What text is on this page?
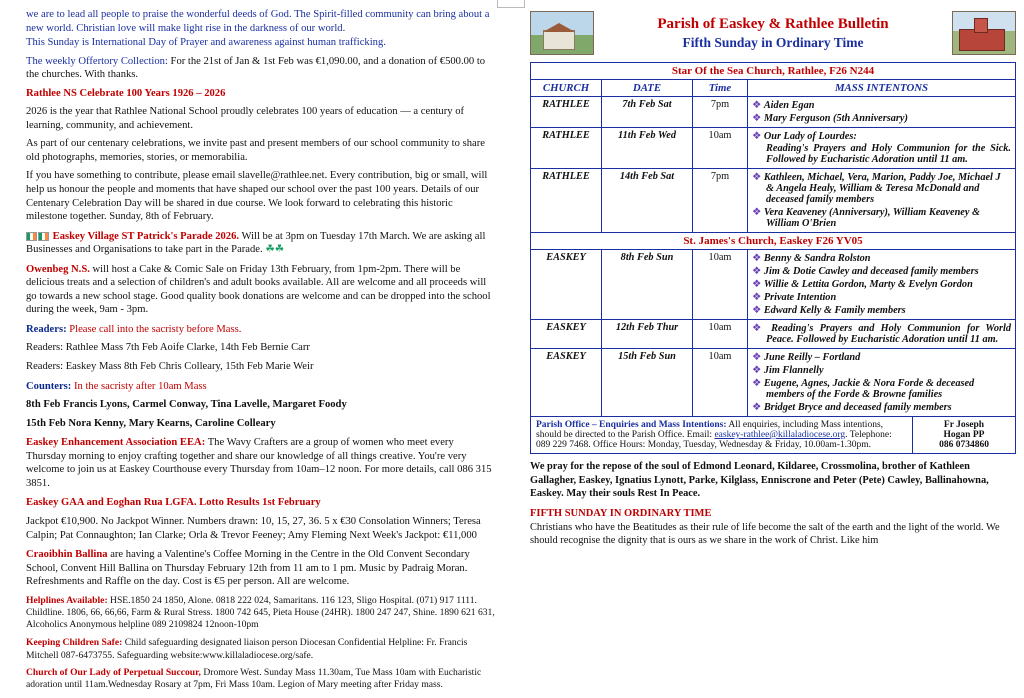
we are to lead all people to praise the wonderful deeds of God. The Spirit-filled community can bring about a new world. Christian love will make light rise in the darkness of our world.

This Sunday is International Day of Prayer and awareness against human trafficking.

The weekly Offertory Collection: For the 21st of Jan & 1st Feb was €1,090.00, and a donation of €500.00 to the churches. With thanks.

Rathlee NS Celebrate 100 Years 1926 – 2026

2026 is the year that Rathlee National School proudly celebrates 100 years of education — a century of learning, community, and achievement.

As part of our centenary celebrations, we invite past and present members of our school community to share old photographs, memories, stories, or memorabilia.

If you have something to contribute, please email slavelle@rathlee.net. Every contribution, big or small, will help us honour the people and moments that have shaped our school over the past 100 years. Details of our Centenary Celebration Day will be shared in due course. We look forward to celebrating this historic milestone together. Sunday, 8th of February.

Easkey Village ST Patrick's Parade 2026. Will be at 3pm on Tuesday 17th March. We are asking all Businesses and Organisations to take part in the Parade. ☘☘

Owenbeg N.S. will host a Cake & Comic Sale on Friday 13th February, from 1pm-2pm. There will be delicious treats and a selection of children's and adult books available. All are welcome and all proceeds will go towards a new school stage. Good quality book donations are welcome and can be dropped into the school during the week, 9am - 3pm.

Readers: Please call into the sacristy before Mass.

Readers: Rathlee Mass 7th Feb Aoife Clarke, 14th Feb Bernie Carr

Readers: Easkey Mass 8th Feb Chris Colleary, 15th Feb Marie Weir

Counters: In the sacristy after 10am Mass

8th Feb Francis Lyons, Carmel Conway, Tina Lavelle, Margaret Foody

15th Feb Nora Kenny, Mary Kearns, Caroline Colleary

Easkey Enhancement Association EEA: The Wavy Crafters are a group of women who meet every Thursday morning to enjoy crafting together and share our knowledge of all things creative. You're very welcome to join us at Easkey Courthouse every Thursday from 10am–12 noon. For more details, call 086 315 3851.

Easkey GAA and Eoghan Rua LGFA. Lotto Results 1st February

Jackpot €10,900. No Jackpot Winner. Numbers drawn: 10, 15, 27, 36. 5 x €30 Consolation Winners; Teresa Calpin; Pat Connaughton; Ian Clarke; Orla & Trevor Feeney; Amy Fleming Next Week's Jackpot: €11,000

Craoibhin Ballina are having a Valentine's Coffee Morning in the Centre in the Old Convent Secondary School, Convent Hill Ballina on Thursday February 12th from 11 am to 1 pm. Music by Padraig Moran. Refreshments and Raffle on the day. Cost is €5 per person. All are welcome.

Helplines Available: HSE.1850 24 1850, Alone. 0818 222 024, Samaritans. 116 123, Sligo Hospital. (071) 917 1111. Childline. 1806, 66, 66,66, Farm & Rural Stress. 1800 742 645, Pieta House (24HR). 1800 247 247, Shine. 1890 621 631, Alcoholics Anonymous helpline 089 2109824 12noon-10pm

Keeping Children Safe: Child safeguarding designated liaison person Diocesan Confidential Helpline: Fr. Francis Mitchell 087-6473755. Safeguarding website:www.killaladiocese.org/safe.

Church of Our Lady of Perpetual Succour, Dromore West. Sunday Mass 11.30am, Tue Mass 10am with Eucharistic adoration until 11am.Wednesday Rosary at 7pm, Fri Mass 10am. Legion of Mary meeting after Friday mass.

Parish of Easkey & Rathlee Bulletin
Fifth Sunday in Ordinary Time
Star Of the Sea Church, Rathlee, F26 N244			
CHURCH	DATE	Time	MASS INTENTONS
RATHLEE	7th Feb Sat	7pm	❖ Aiden Egan
❖ Mary Ferguson (5th Anniversary)

RATHLEE	11th Feb Wed	10am	❖ Our Lady of Lourdes:
Reading's Prayers and Holy Communion for the Sick. Followed by Eucharistic Adoration until 11 am.

RATHLEE	14th Feb Sat	7pm	❖ Kathleen, Michael, Vera, Marion, Paddy Joe, Michael J & Angela Healy, William & Teresa McDonald and deceased family members
❖ Vera Keaveney (Anniversary), William Keaveney & William O'Brien

St. James's Church, Easkey F26 YV05			
EASKEY	8th Feb Sun	10am	❖ Benny & Sandra Rolston
❖ Jim & Dotie Cawley and deceased family members
❖ Willie & Lettita Gordon, Marty & Evelyn Gordon
❖ Private Intention
❖ Edward Kelly & Family members

EASKEY	12th Feb Thur	10am	❖ Reading's Prayers and Holy Communion for World Peace. Followed by Eucharistic Adoration until 11 am.

EASKEY	15th Feb Sun	10am	❖ June Reilly – Fortland
❖ Jim Flannelly
❖ Eugene, Agnes, Jackie & Nora Forde & deceased members of the Forde & Browne families
❖ Bridget Bryce and deceased family members
Parish Office – Enquiries and Mass Intentions: All enquiries, including Mass intentions, should be directed to the Parish Office. Email: easkey-rathlee@killaladiocese.org. Telephone: 089 229 7468. Office Hours: Monday, Tuesday, Wednesday & Friday, 10.00am-1.30pm.
Fr Joseph
Hogan PP
086 0734860
We pray for the repose of the soul of Edmond Leonard, Kildaree, Crossmolina, brother of Kathleen Gallagher, Easkey, Ignatius Lynott, Parke, Kilglass, Enniscrone and Peter (Pete) Cawley, Ballinahowna, Easkey. May their souls Rest In Peace.
FIFTH SUNDAY IN ORDINARY TIME
Christians who have the Beatitudes as their rule of life become the salt of the earth and the light of the world. We should recognise the dignity that is ours as we share in the work of Christ. Like him
